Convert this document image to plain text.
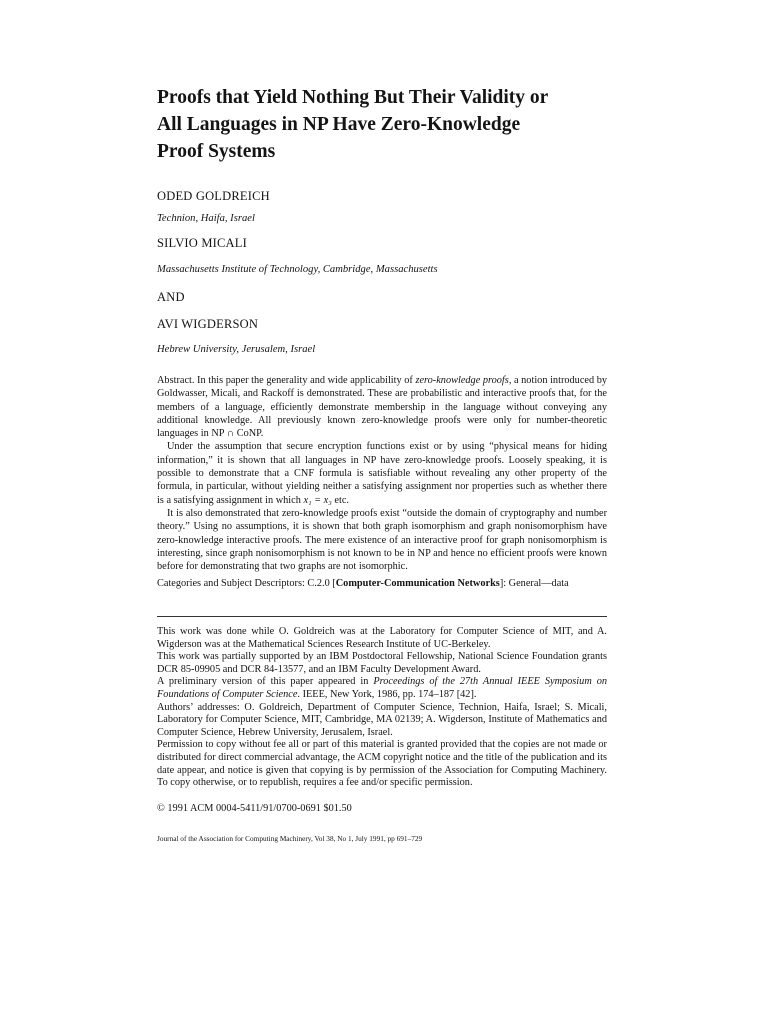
Proofs that Yield Nothing But Their Validity or
All Languages in NP Have Zero-Knowledge
Proof Systems
ODED GOLDREICH
Technion, Haifa, Israel
SILVIO MICALI
Massachusetts Institute of Technology, Cambridge, Massachusetts
AND
AVI WIGDERSON
Hebrew University, Jerusalem, Israel

Abstract. In this paper the generality and wide applicability of zero-knowledge proofs, a notion introduced by Goldwasser, Micali, and Rackoff is demonstrated. These are probabilistic and interactive proofs that, for the members of a language, efficiently demonstrate membership in the language without conveying any additional knowledge. All previously known zero-knowledge proofs were only for number-theoretic languages in NP ∩ CoNP.

Under the assumption that secure encryption functions exist or by using “physical means for hiding information,” it is shown that all languages in NP have zero-knowledge proofs. Loosely speaking, it is possible to demonstrate that a CNF formula is satisfiable without revealing any other property of the formula, in particular, without yielding neither a satisfying assignment nor properties such as whether there is a satisfying assignment in which x₁ = x₃ etc.

It is also demonstrated that zero-knowledge proofs exist “outside the domain of cryptography and number theory.” Using no assumptions, it is shown that both graph isomorphism and graph nonisomorphism have zero-knowledge interactive proofs. The mere existence of an interactive proof for graph nonisomorphism is interesting, since graph nonisomorphism is not known to be in NP and hence no efficient proofs were known before for demonstrating that two graphs are not isomorphic.

Categories and Subject Descriptors: C.2.0 [Computer-Communication Networks]: General—data

This work was done while O. Goldreich was at the Laboratory for Computer Science of MIT, and A. Wigderson was at the Mathematical Sciences Research Institute of UC-Berkeley.

This work was partially supported by an IBM Postdoctoral Fellowship, National Science Foundation grants DCR 85-09905 and DCR 84-13577, and an IBM Faculty Development Award.

A preliminary version of this paper appeared in Proceedings of the 27th Annual IEEE Symposium on Foundations of Computer Science. IEEE, New York, 1986, pp. 174–187 [42].

Authors’ addresses: O. Goldreich, Department of Computer Science, Technion, Haifa, Israel; S. Micali, Laboratory for Computer Science, MIT, Cambridge, MA 02139; A. Wigderson, Institute of Mathematics and Computer Science, Hebrew University, Jerusalem, Israel.

Permission to copy without fee all or part of this material is granted provided that the copies are not made or distributed for direct commercial advantage, the ACM copyright notice and the title of the publication and its date appear, and notice is given that copying is by permission of the Association for Computing Machinery. To copy otherwise, or to republish, requires a fee and/or specific permission.

© 1991 ACM 0004-5411/91/0700-0691 $01.50
Journal of the Association for Computing Machinery, Vol 38, No 1, July 1991, pp 691–729
